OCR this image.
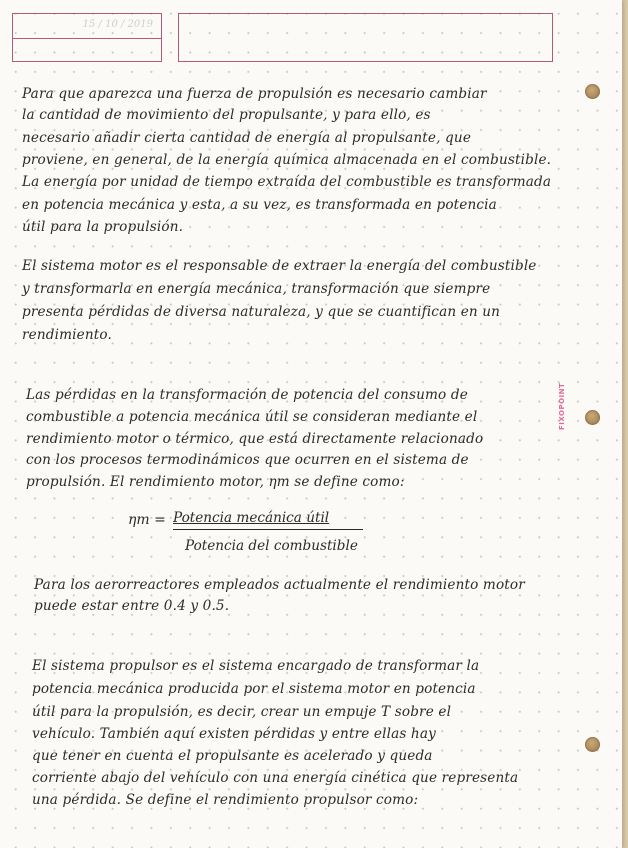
15 / 10 / 2019
FIXOPOINT
Para que aparezca una fuerza de propulsión es necesario cambiar
la cantidad de movimiento del propulsante, y para ello, es
necesario añadir cierta cantidad de energía al propulsante, que
proviene, en general, de la energía química almacenada en el combustible.
La energía por unidad de tiempo extraída del combustible es transformada
en potencia mecánica y esta, a su vez, es transformada en potencia
útil para la propulsión.
El sistema motor es el responsable de extraer la energía del combustible
y transformarla en energía mecánica, transformación que siempre
presenta pérdidas de diversa naturaleza, y que se cuantifican en un
rendimiento.
Las pérdidas en la transformación de potencia del consumo de
combustible a potencia mecánica útil se consideran mediante el
rendimiento motor o térmico, que está directamente relacionado
con los procesos termodinámicos que ocurren en el sistema de
propulsión. El rendimiento motor, ηm se define como:
ηm = Potencia mecánica útil
Potencia del combustible
Para los aerorreactores empleados actualmente el rendimiento motor
puede estar entre 0.4 y 0.5.
El sistema propulsor es el sistema encargado de transformar la
potencia mecánica producida por el sistema motor en potencia
útil para la propulsión, es decir, crear un empuje T sobre el
vehículo. También aquí existen pérdidas y entre ellas hay
que tener en cuenta el propulsante es acelerado y queda
corriente abajo del vehículo con una energía cinética que representa
una pérdida. Se define el rendimiento propulsor como:
